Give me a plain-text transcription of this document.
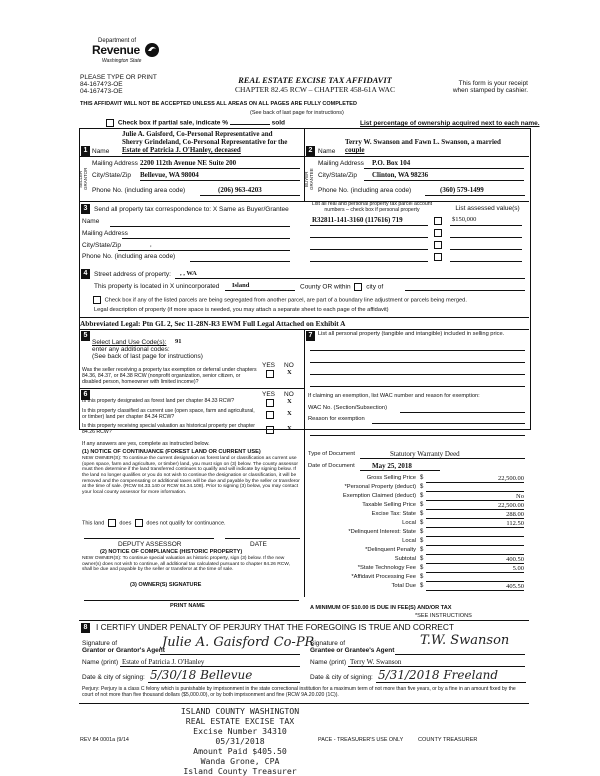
Department of
Revenue
Washington State
PLEASE TYPE OR PRINT
84-1674?3-OE
04-167473-OE
REAL ESTATE EXCISE TAX AFFIDAVIT
CHAPTER 82.45 RCW – CHAPTER 458-61A WAC
This form is your receipt
when stamped by cashier.
THIS AFFIDAVIT WILL NOT BE ACCEPTED UNLESS ALL AREAS ON ALL PAGES ARE FULLY COMPLETED
(See back of last page for instructions)
Check box if partial sale, indicate %	sold	List percentage of ownership acquired next to each name.
Julie A. Gaisford, Co-Personal Representative and
Sherry Grindeland, Co-Personal Representative for the
1 Name Estate of Patricia J. O'Hanley, deceased
SELLER GRANTOR
Mailing Address 2200 112th Avenue NE Suite 200
City/State/Zip Bellevue, WA 98004
Phone No. (including area code)	(206) 963-4203
Terry W. Swanson and Fawn L. Swanson, a married
2 Name couple
BUYER GRANTEE
Mailing Address P.O. Box 104
City/State/Zip Clinton, WA 98236
Phone No. (including area code)	(360) 579-1499
3	Send all property tax correspondence to: X Same as Buyer/Grantee
List all real and personal property tax parcel account numbers – check box if personal property	List assessed value(s)
Name
Mailing Address
City/State/Zip	,
Phone No. (including area code)
R32811-141-3160 (117616) 719	$150,000
4	Street address of property: , , WA
This property is located in X unincorporated Island	County OR within city of
Check box if any of the listed parcels are being segregated from another parcel, are part of a boundary line adjustment or parcels being merged.
Legal description of property (if more space is needed, you may attach a separate sheet to each page of the affidavit)
Abbreviated Legal: Ptn GL 2, Sec 11-28N-R3 EWM Full Legal Attached on Exhibit A
5
Select Land Use Code(s): 91
enter any additional codes:
(See back of last page for instructions)
YES NO
Was the seller receiving a property tax exemption or deferral under chapters 84.36, 84.37, or 84.38 RCW (nonprofit organization, senior citizen, or disabled person, homeowner with limited income)?
X
6	YES NO
Is this property designated as forest land per chapter 84.33 RCW?	X
Is this property classified as current use (open space, farm and agricultural, or timber) land per chapter 84.34 RCW?	X
Is this property receiving special valuation as historical property per chapter 84.26 RCW?	X
If any answers are yes, complete as instructed below.
(1) NOTICE OF CONTINUANCE (FOREST LAND OR CURRENT USE)
NEW OWNER(S): To continue the current designation as forest land or classification as current use (open space, farm and agriculture, or timber) land, you must sign on (3) below. The county assessor must then determine if the land transferred continues to qualify and will indicate by signing below. If the land no longer qualifies or you do not wish to continue the designation or classification, it will be removed and the compensating or additional taxes will be due and payable by the seller or transferor at the time of sale. (RCW 84.33.140 or RCW 84.34.108). Prior to signing (3) below, you may contact your local county assessor for more information.
This land	does	does not qualify for continuance.
DEPUTY ASSESSOR	DATE
(2) NOTICE OF COMPLIANCE (HISTORIC PROPERTY)
NEW OWNER(S): To continue special valuation as historic property, sign (3) below. If the new owner(s) does not wish to continue, all additional tax calculated pursuant to chapter 84.26 RCW, shall be due and payable by the seller or transferor at the time of sale.
(3) OWNER(S) SIGNATURE
PRINT NAME
7 List all personal property (tangible and intangible) included in selling price.
If claiming an exemption, list WAC number and reason for exemption:
WAC No. (Section/Subsection)
Reason for exemption
Type of Document	Statutory Warranty Deed
Date of Document May 25, 2018
Gross Selling Price $	22,500.00
*Personal Property (deduct) $
Exemption Claimed (deduct) $	No
Taxable Selling Price $	22,500.00
Excise Tax: State $	288.00
Local $	112.50
*Delinquent Interest: State $
Local $
*Delinquent Penalty $
Subtotal $	400.50
*State Technology Fee $	5.00
*Affidavit Processing Fee $
Total Due $	405.50
A MINIMUM OF $10.00 IS DUE IN FEE(S) AND/OR TAX
*SEE INSTRUCTIONS
8	I CERTIFY UNDER PENALTY OF PERJURY THAT THE FOREGOING IS TRUE AND CORRECT
Signature of
Grantor or Grantor's Agent
Julie A. Gaisford Co-PR
Signature of
Grantee or Grantee's Agent
T.W. Swanson
Name (print) Estate of Patricia J. O'Hanley	Name (print) Terry W. Swanson
Date & city of signing: 5/30/18 Bellevue	Date & city of signing: 5/31/2018 Freeland
Perjury: Perjury is a class C felony which is punishable by imprisonment in the state correctional institution for a maximum term of not more than five years, or by a fine in an amount fixed by the court of not more than five thousand dollars ($5,000.00), or by both imprisonment and fine (RCW 9A.20.020 (1C)).
ISLAND COUNTY WASHINGTON
REAL ESTATE EXCISE TAX
Excise Number 34310
05/31/2018
Amount Paid $405.50
Wanda Grone, CPA
Island County Treasurer
REV 84 0001a (9/14	PACE - TREASURER'S USE ONLY	COUNTY TREASURER
